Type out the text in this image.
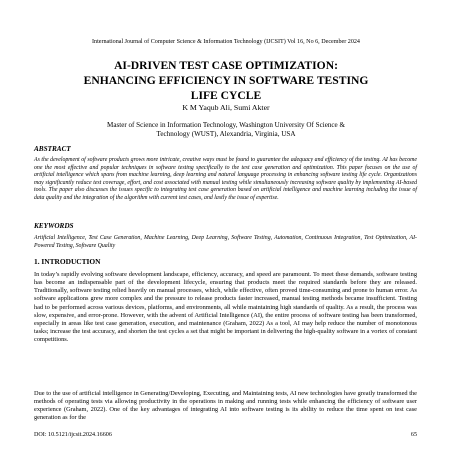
International Journal of Computer Science & Information Technology (IJCSIT) Vol 16, No 6, December 2024
AI-DRIVEN TEST CASE OPTIMIZATION:
ENHANCING EFFICIENCY IN SOFTWARE TESTING
LIFE CYCLE
K M Yaqub Ali, Sumi Akter
Master of Science in Information Technology, Washington University Of Science &
Technology (WUST), Alexandria, Virginia, USA
ABSTRACT
As the development of software products grows more intricate, creative ways must be found to guarantee the adequacy and efficiency of the testing. AI has become one the most effective and popular techniques in software testing specifically to the test case generation and optimization. This paper focuses on the use of artificial intelligence which spans from machine learning, deep learning and natural language processing in enhancing software testing life cycle. Organizations may significantly reduce test coverage, effort, and cost associated with manual testing while simultaneously increasing software quality by implementing AI-based tools. The paper also discusses the issues specific to integrating test case generation based on artificial intelligence and machine learning including the issue of data quality and the integration of the algorithm with current test cases, and lastly the issue of expertise.
KEYWORDS
Artificial Intelligence, Test Case Generation, Machine Learning, Deep Learning, Software Testing, Automation, Continuous Integration, Test Optimization, AI-Powered Testing, Software Quality
1. INTRODUCTION
In today’s rapidly evolving software development landscape, efficiency, accuracy, and speed are paramount. To meet these demands, software testing has become an indispensable part of the development lifecycle, ensuring that products meet the required standards before they are released. Traditionally, software testing relied heavily on manual processes, which, while effective, often proved time-consuming and prone to human error. As software applications grew more complex and the pressure to release products faster increased, manual testing methods became insufficient. Testing had to be performed across various devices, platforms, and environments, all while maintaining high standards of quality. As a result, the process was slow, expensive, and error-prone. However, with the advent of Artificial Intelligence (AI), the entire process of software testing has been transformed, especially in areas like test case generation, execution, and maintenance (Graham, 2022) As a tool, AI may help reduce the number of monotonous tasks; increase the test accuracy, and shorten the test cycles a set that might be important in delivering the high-quality software in a vortex of constant competitions.
Due to the use of artificial intelligence in Generating/Developing, Executing, and Maintaining tests, AI new technologies have greatly transformed the methods of operating tests via allowing productivity in the operations in making and running tests while enhancing the efficiency of software user experience (Graham, 2022). One of the key advantages of integrating AI into software testing is its ability to reduce the time spent on test case generation as for the
DOI: 10.5121/ijcsit.2024.16606	65
